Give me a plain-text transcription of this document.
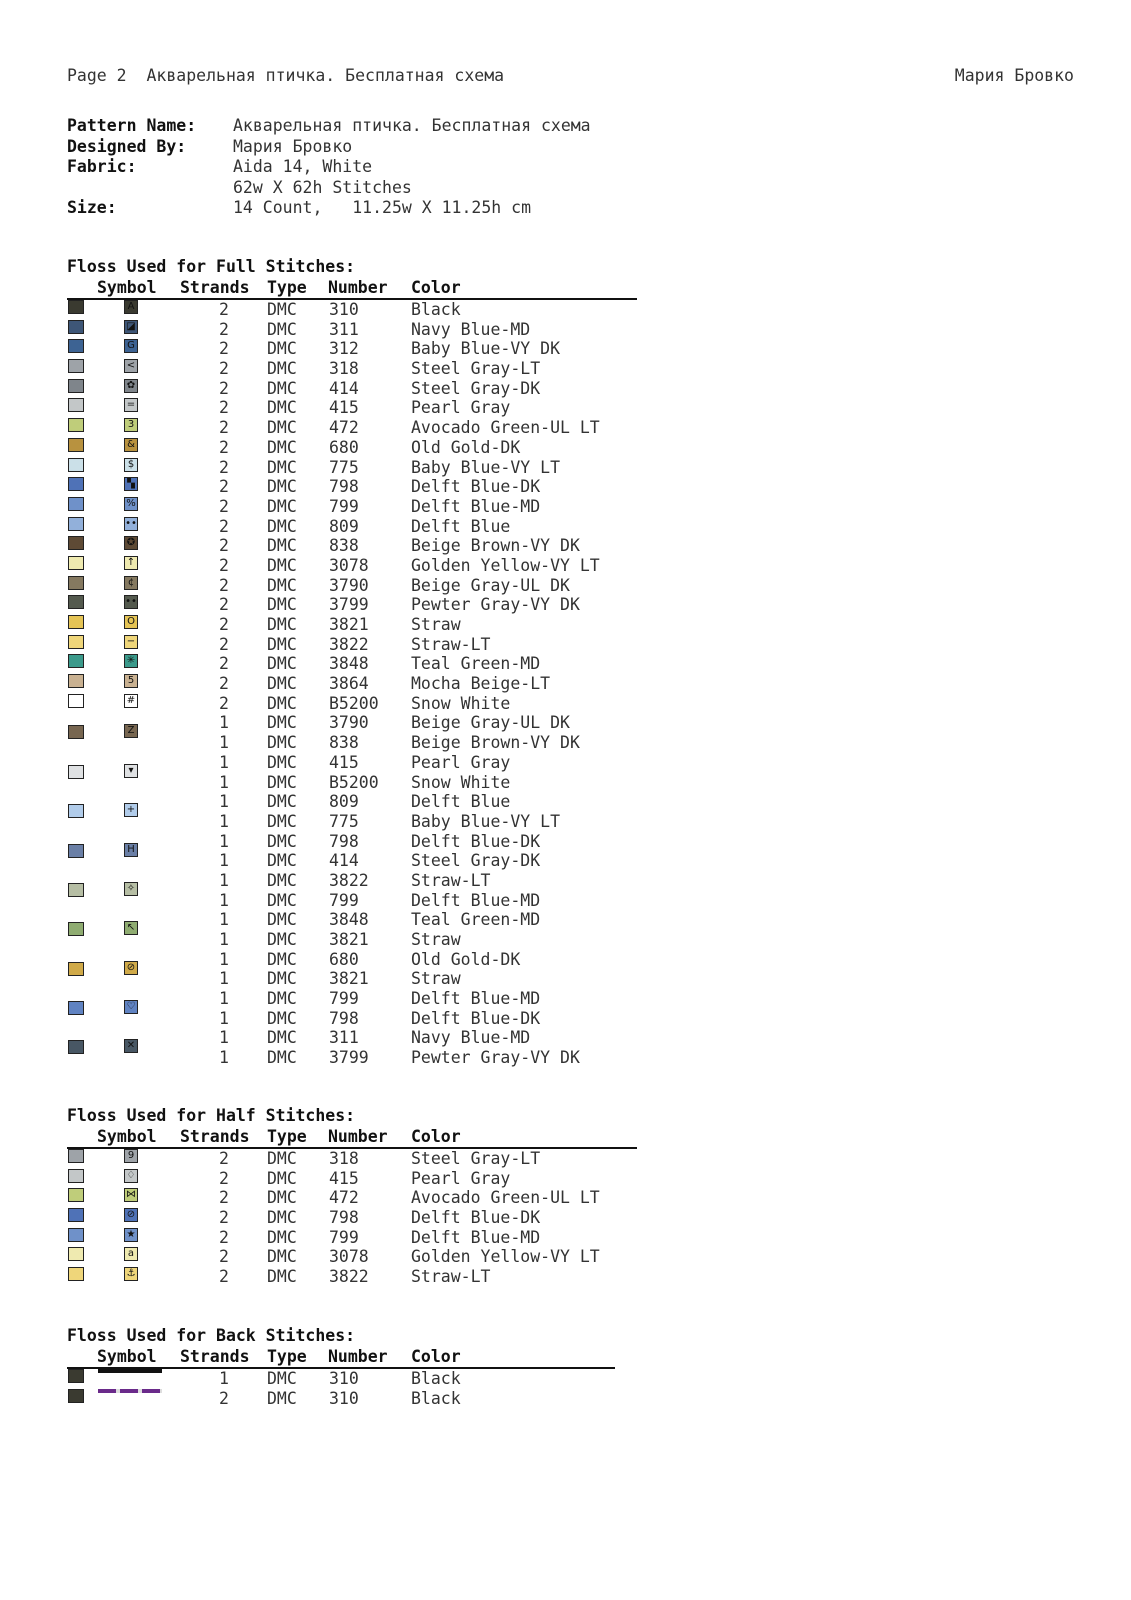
Page 2  Акварельная птичка. Бесплатная схема	Мария Бровко
Pattern Name: Акварельная птичка. Бесплатная схема
Designed By:	Мария Бровко
Fabric:	Aida 14, White
62w X 62h Stitches
Size:	14 Count,   11.25w X 11.25h cm
Floss Used for Full Stitches:
Symbol Strands Type Number Color
A	2 DMC 310	Black
◪	2 DMC 311	Navy Blue-MD
G	2 DMC 312	Baby Blue-VY DK
<	2 DMC 318	Steel Gray-LT
✿	2 DMC 414	Steel Gray-DK
=	2 DMC 415	Pearl Gray
3	2 DMC 472	Avocado Green-UL LT
&	2 DMC 680	Old Gold-DK
$	2 DMC 775	Baby Blue-VY LT
▚	2 DMC 798	Delft Blue-DK
%	2 DMC 799	Delft Blue-MD
••	2 DMC 809	Delft Blue
✪	2 DMC 838	Beige Brown-VY DK
↑	2 DMC 3078	Golden Yellow-VY LT
¢	2 DMC 3790	Beige Gray-UL DK
••	2 DMC 3799	Pewter Gray-VY DK
O	2 DMC 3821	Straw
−	2 DMC 3822	Straw-LT
✳	2 DMC 3848	Teal Green-MD
5	2 DMC 3864	Mocha Beige-LT
#	2 DMC B5200 Snow White
Z	1 DMC 3790	Beige Gray-UL DK
1 DMC 838	Beige Brown-VY DK
▾	1 DMC 415	Pearl Gray
1 DMC B5200 Snow White
+	1 DMC 809	Delft Blue
1 DMC 775	Baby Blue-VY LT
H	1 DMC 798	Delft Blue-DK
1 DMC 414	Steel Gray-DK
✧	1 DMC 3822	Straw-LT
1 DMC 799	Delft Blue-MD
↖	1 DMC 3848	Teal Green-MD
1 DMC 3821	Straw
⊘	1 DMC 680	Old Gold-DK
1 DMC 3821	Straw
♡	1 DMC 799	Delft Blue-MD
1 DMC 798	Delft Blue-DK
✕	1 DMC 311	Navy Blue-MD
1 DMC 3799	Pewter Gray-VY DK
Floss Used for Half Stitches:
Symbol Strands Type Number Color
9	2 DMC 318	Steel Gray-LT
♢	2 DMC 415	Pearl Gray
⋈	2 DMC 472	Avocado Green-UL LT
⊘	2 DMC 798	Delft Blue-DK
★	2 DMC 799	Delft Blue-MD
a	2 DMC 3078	Golden Yellow-VY LT
⚓	2 DMC 3822	Straw-LT
Floss Used for Back Stitches:
Symbol Strands Type Number Color
1 DMC 310	Black
2 DMC 310	Black
